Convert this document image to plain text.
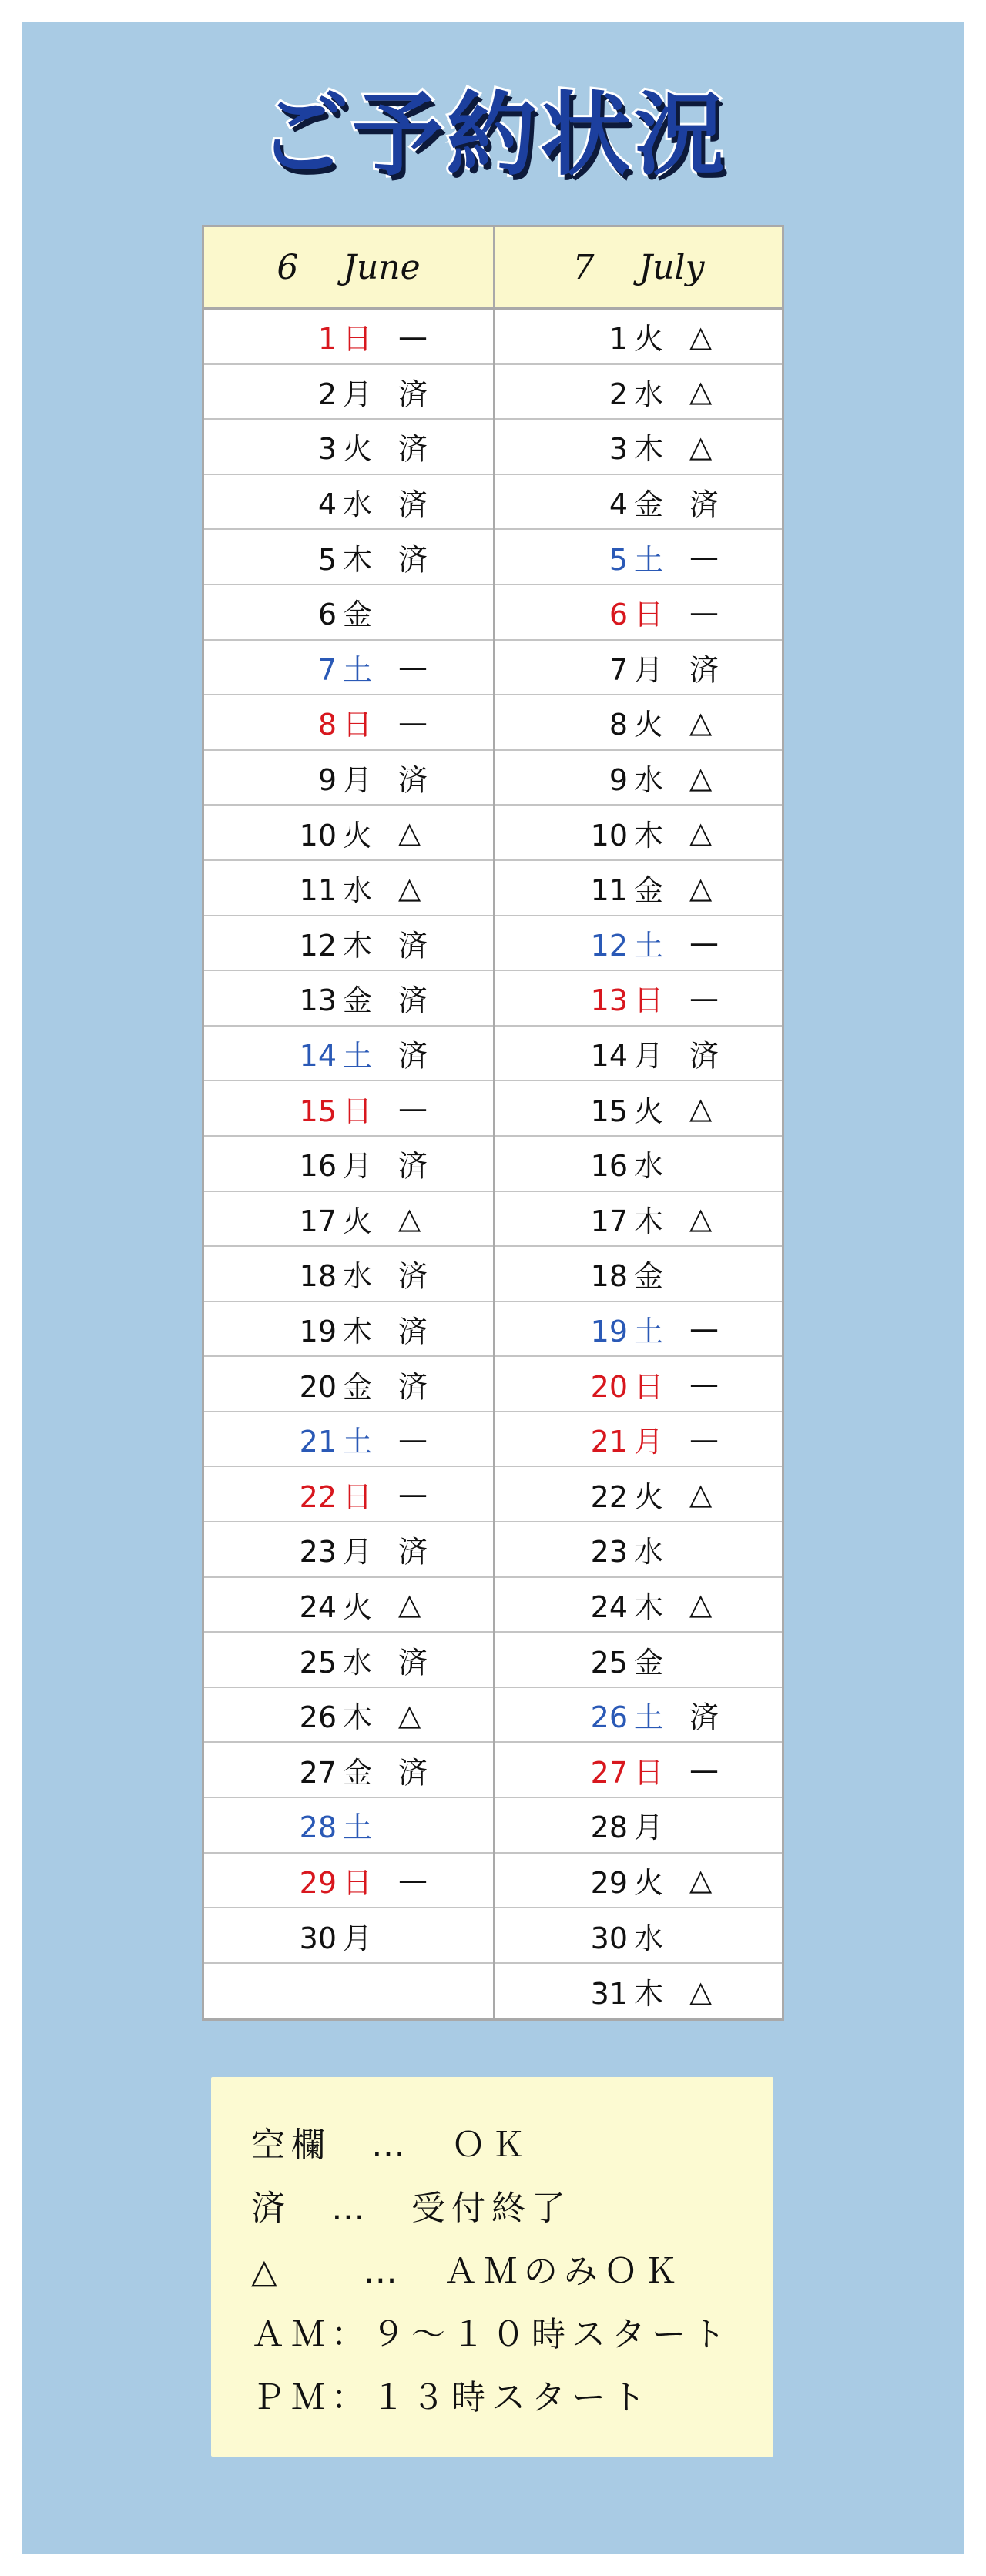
ご予約状況
6 June
1 日 —
2 月 済
3 火 済
4 水 済
5 木 済
6 金
7 土 —
8 日 —
9 月 済
10 火 △
11 水 △
12 木 済
13 金 済
14 土 済
15 日 —
16 月 済
17 火 △
18 水 済
19 木 済
20 金 済
21 土 —
22 日 —
23 月 済
24 火 △
25 水 済
26 木 △
27 金 済
28 土
29 日 —
30 月
7 July
1 火 △
2 水 △
3 木 △
4 金 済
5 土 —
6 日 —
7 月 済
8 火 △
9 水 △
10 木 △
11 金 △
12 土 —
13 日 —
14 月 済
15 火 △
16 水
17 木 △
18 金
19 土 —
20 日 —
21 月 —
22 火 △
23 水
24 木 △
25 金
26 土 済
27 日 —
28 月
29 火 △
30 水
31 木 △
空欄　…　ＯＫ
済　…　受付終了
△　　…　ＡＭのみＯＫ
ＡＭ：９～１０時スタート
ＰＭ：１３時スタート
